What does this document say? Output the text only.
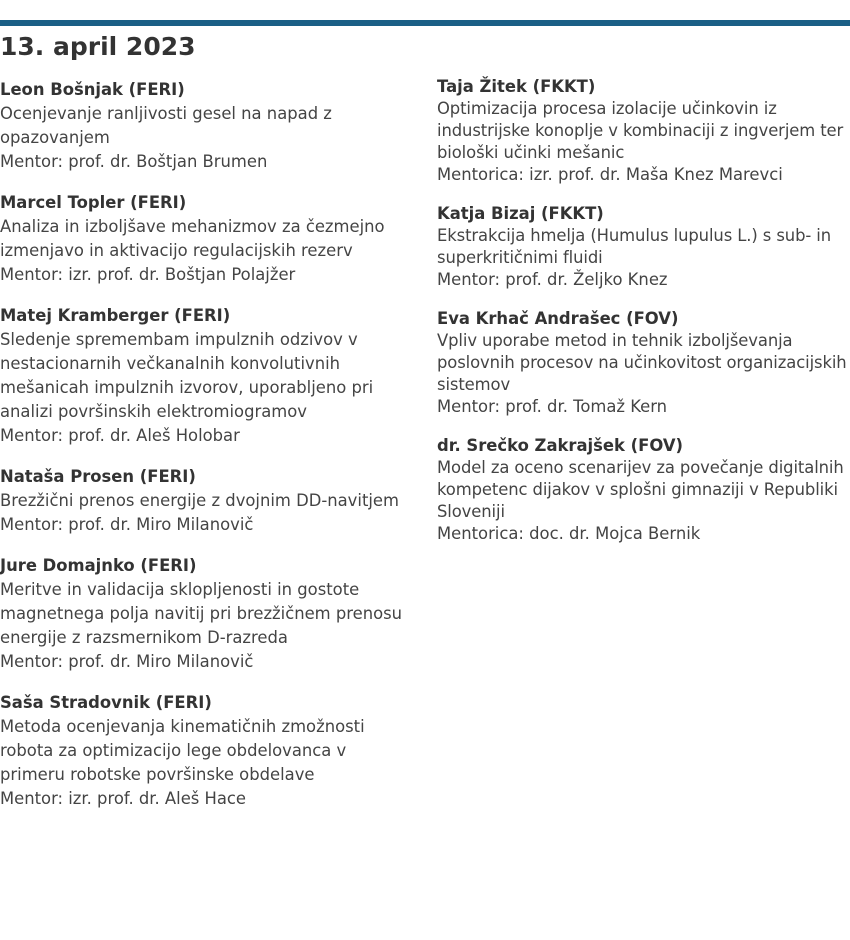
13. april 2023
Leon Bošnjak (FERI)
Ocenjevanje ranljivosti gesel na napad z opazovanjem
Mentor: prof. dr. Boštjan Brumen
Marcel Topler (FERI)
Analiza in izboljšave mehanizmov za čezmejno izmenjavo in aktivacijo regulacijskih rezerv
Mentor: izr. prof. dr. Boštjan Polajžer
Matej Kramberger (FERI)
Sledenje spremembam impulznih odzivov v nestacionarnih večkanalnih konvolutivnih mešanicah impulznih izvorov, uporabljeno pri analizi površinskih elektromiogramov
Mentor: prof. dr. Aleš Holobar
Nataša Prosen (FERI)
Brezžični prenos energije z dvojnim DD-navitjem
Mentor: prof. dr. Miro Milanovič
Jure Domajnko (FERI)
Meritve in validacija sklopljenosti in gostote magnetnega polja navitij pri brezžičnem prenosu energije z razsmernikom D-razreda
Mentor: prof. dr. Miro Milanovič
Saša Stradovnik (FERI)
Metoda ocenjevanja kinematičnih zmožnosti robota za optimizacijo lege obdelovanca v primeru robotske površinske obdelave
Mentor: izr. prof. dr. Aleš Hace
Taja Žitek (FKKT)
Optimizacija procesa izolacije učinkovin iz industrijske konoplje v kombinaciji z ingverjem ter biološki učinki mešanic
Mentorica: izr. prof. dr. Maša Knez Marevci
Katja Bizaj (FKKT)
Ekstrakcija hmelja (Humulus lupulus L.) s sub- in superkritičnimi fluidi
Mentor: prof. dr. Željko Knez
Eva Krhač Andrašec (FOV)
Vpliv uporabe metod in tehnik izboljševanja poslovnih procesov na učinkovitost organizacijskih sistemov
Mentor: prof. dr. Tomaž Kern
dr. Srečko Zakrajšek (FOV)
Model za oceno scenarijev za povečanje digitalnih kompetenc dijakov v splošni gimnaziji v Republiki Sloveniji
Mentorica: doc. dr. Mojca Bernik
